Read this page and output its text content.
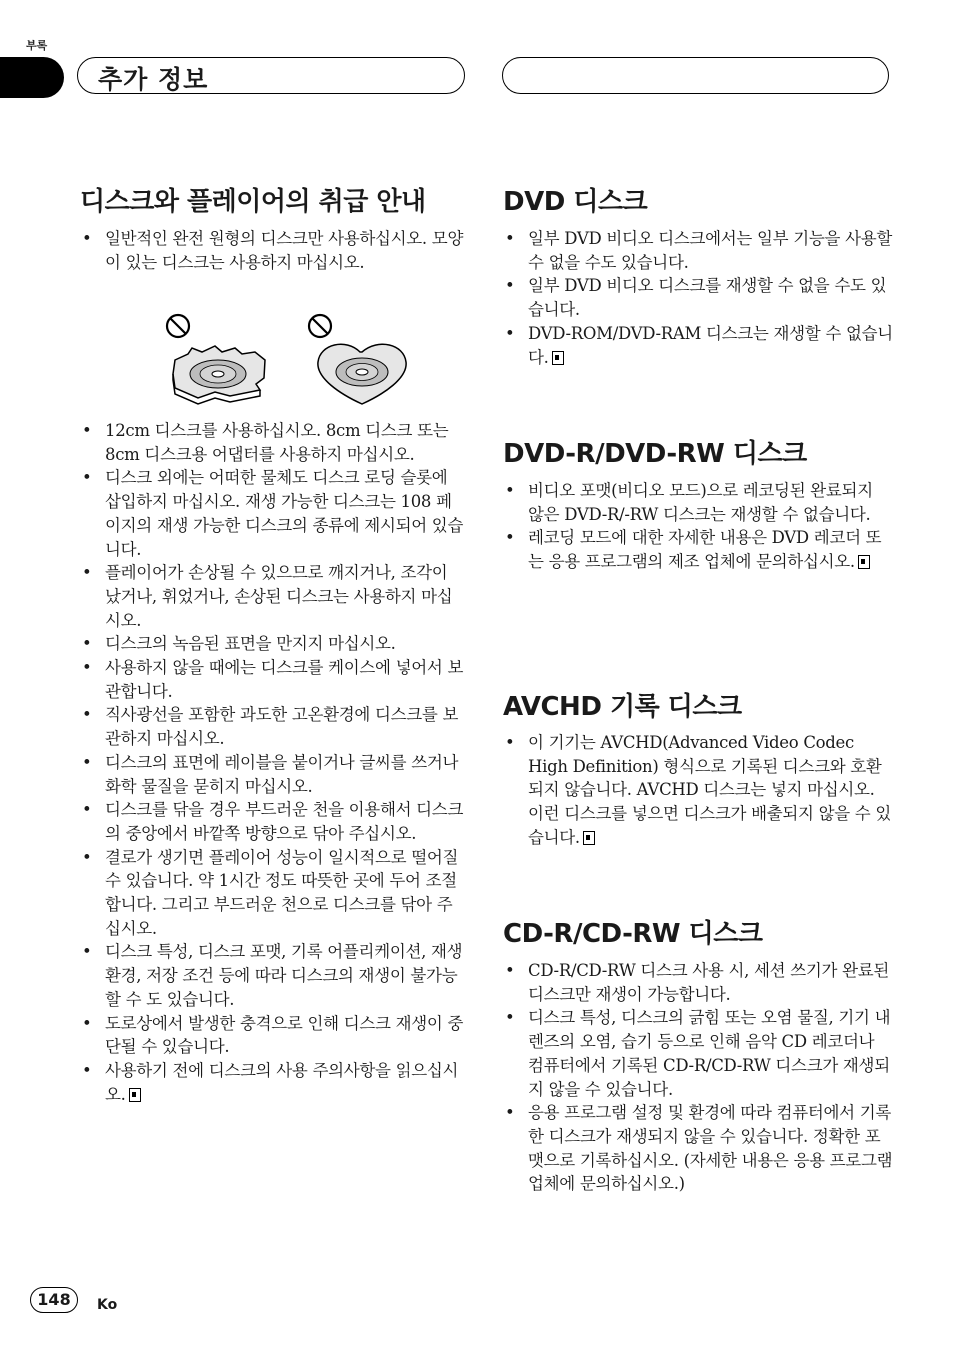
부록
추가 정보
디스크와 플레이어의 취급 안내
• 일반적인 완전 원형의 디스크만 사용하십시오. 모양이 있는 디스크는 사용하지 마십시오.
• 12cm 디스크를 사용하십시오. 8cm 디스크 또는 8cm 디스크용 어댑터를 사용하지 마십시오.
• 디스크 외에는 어떠한 물체도 디스크 로딩 슬롯에 삽입하지 마십시오. 재생 가능한 디스크는 108 페이지의 재생 가능한 디스크의 종류에 제시되어 있습니다.
• 플레이어가 손상될 수 있으므로 깨지거나, 조각이 났거나, 휘었거나, 손상된 디스크는 사용하지 마십시오.
• 디스크의 녹음된 표면을 만지지 마십시오.
• 사용하지 않을 때에는 디스크를 케이스에 넣어서 보관합니다.
• 직사광선을 포함한 과도한 고온환경에 디스크를 보관하지 마십시오.
• 디스크의 표면에 레이블을 붙이거나 글씨를 쓰거나 화학 물질을 묻히지 마십시오.
• 디스크를 닦을 경우 부드러운 천을 이용해서 디스크의 중앙에서 바깥쪽 방향으로 닦아 주십시오.
• 결로가 생기면 플레이어 성능이 일시적으로 떨어질 수 있습니다. 약 1시간 정도 따뜻한 곳에 두어 조절합니다. 그리고 부드러운 천으로 디스크를 닦아 주십시오.
• 디스크 특성, 디스크 포맷, 기록 어플리케이션, 재생 환경, 저장 조건 등에 따라 디스크의 재생이 불가능할 수 도 있습니다.
• 도로상에서 발생한 충격으로 인해 디스크 재생이 중단될 수 있습니다.
• 사용하기 전에 디스크의 사용 주의사항을 읽으십시오.
DVD 디스크
• 일부 DVD 비디오 디스크에서는 일부 기능을 사용할 수 없을 수도 있습니다.
• 일부 DVD 비디오 디스크를 재생할 수 없을 수도 있습니다.
• DVD-ROM/DVD-RAM 디스크는 재생할 수 없습니다.
DVD-R/DVD-RW 디스크
• 비디오 포맷(비디오 모드)으로 레코딩된 완료되지 않은 DVD-R/-RW 디스크는 재생할 수 없습니다.
• 레코딩 모드에 대한 자세한 내용은 DVD 레코더 또는 응용 프로그램의 제조 업체에 문의하십시오.
AVCHD 기록 디스크
• 이 기기는 AVCHD(Advanced Video Codec High Definition) 형식으로 기록된 디스크와 호환되지 않습니다. AVCHD 디스크는 넣지 마십시오. 이런 디스크를 넣으면 디스크가 배출되지 않을 수 있습니다.
CD-R/CD-RW 디스크
• CD-R/CD-RW 디스크 사용 시, 세션 쓰기가 완료된 디스크만 재생이 가능합니다.
• 디스크 특성, 디스크의 긁힘 또는 오염 물질, 기기 내 렌즈의 오염, 습기 등으로 인해 음악 CD 레코더나 컴퓨터에서 기록된 CD-R/CD-RW 디스크가 재생되지 않을 수 있습니다.
• 응용 프로그램 설정 및 환경에 따라 컴퓨터에서 기록한 디스크가 재생되지 않을 수 있습니다. 정확한 포맷으로 기록하십시오. (자세한 내용은 응용 프로그램 업체에 문의하십시오.)
148	Ko
